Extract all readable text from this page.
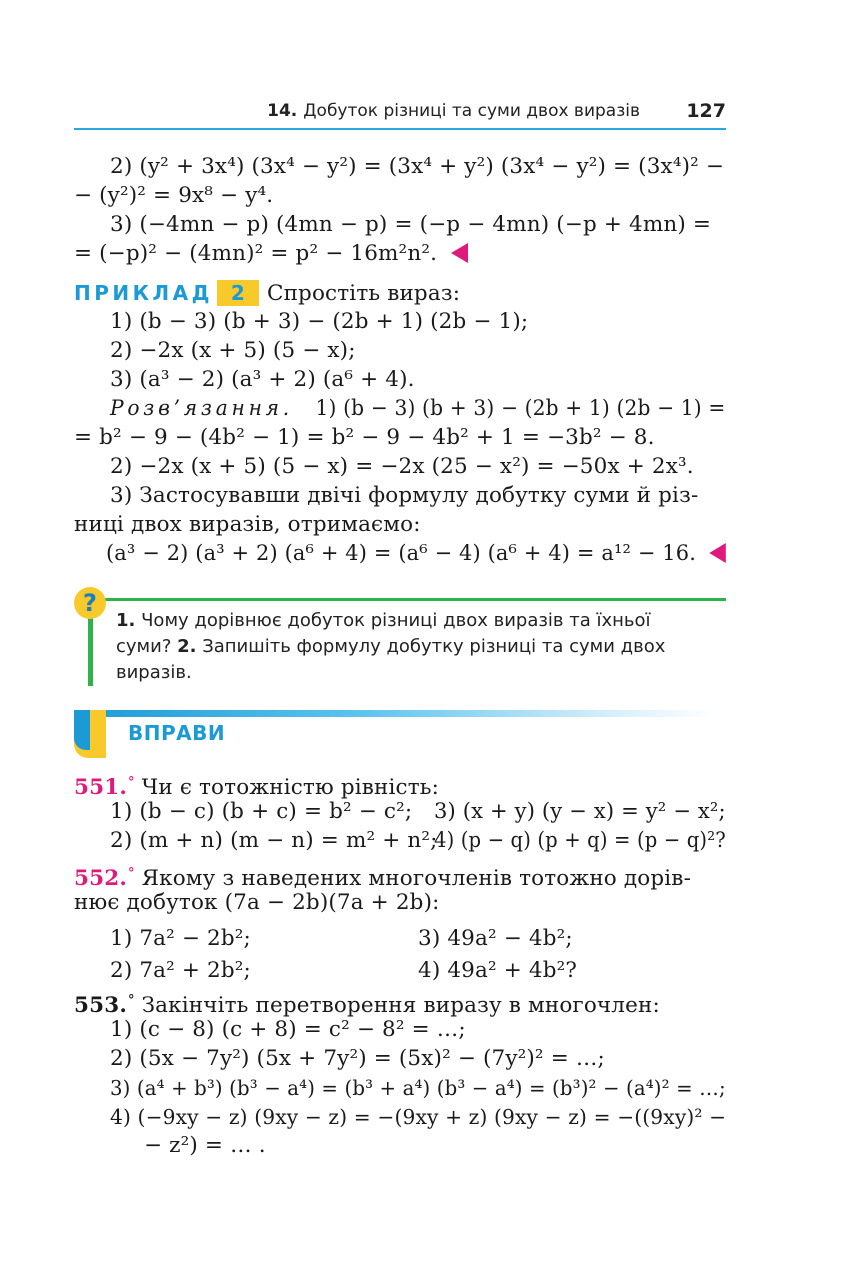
14. Добуток різниці та суми двох виразів 127
2) (y² + 3x⁴) (3x⁴ − y²) = (3x⁴ + y²) (3x⁴ − y²) = (3x⁴)² −
− (y²)² = 9x⁸ − y⁴.
3) (−4mn − p) (4mn − p) = (−p − 4mn) (−p + 4mn) =
= (−p)² − (4mn)² = p² − 16m²n².
ПРИКЛАД 2 Спростіть вираз:
1) (b − 3) (b + 3) − (2b + 1) (2b − 1);
2) −2x (x + 5) (5 − x);
3) (a³ − 2) (a³ + 2) (a⁶ + 4).
Розв’язання. 1) (b − 3) (b + 3) − (2b + 1) (2b − 1) =
= b² − 9 − (4b² − 1) = b² − 9 − 4b² + 1 = −3b² − 8.
2) −2x (x + 5) (5 − x) = −2x (25 − x²) = −50x + 2x³.
3) Застосувавши двічі формулу добутку суми й різ-
ниці двох виразів, отримаємо:
(a³ − 2) (a³ + 2) (a⁶ + 4) = (a⁶ − 4) (a⁶ + 4) = a¹² − 16.
?
1. Чому дорівнює добуток різниці двох виразів та їхньої
суми? 2. Запишіть формулу добутку різниці та суми двох
виразів.
ВПРАВИ
551.° Чи є тотожністю рівність:
1) (b − c) (b + c) = b² − c²; 3) (x + y) (y − x) = y² − x²;
2) (m + n) (m − n) = m² + n²;
4) (p − q) (p + q) = (p − q)²?
552.° Якому з наведених многочленів тотожно дорів-
нює добуток (7a − 2b)(7a + 2b):
1) 7a² − 2b²;	3) 49a² − 4b²;
2) 7a² + 2b²;	4) 49a² + 4b²?
553.° Закінчіть перетворення виразу в многочлен:
1) (c − 8) (c + 8) = c² − 8² = …;
2) (5x − 7y²) (5x + 7y²) = (5x)² − (7y²)² = …;
3) (a⁴ + b³) (b³ − a⁴) = (b³ + a⁴) (b³ − a⁴) = (b³)² − (a⁴)² = …;
4) (−9xy − z) (9xy − z) = −(9xy + z) (9xy − z) = −((9xy)² −
− z²) = … .
